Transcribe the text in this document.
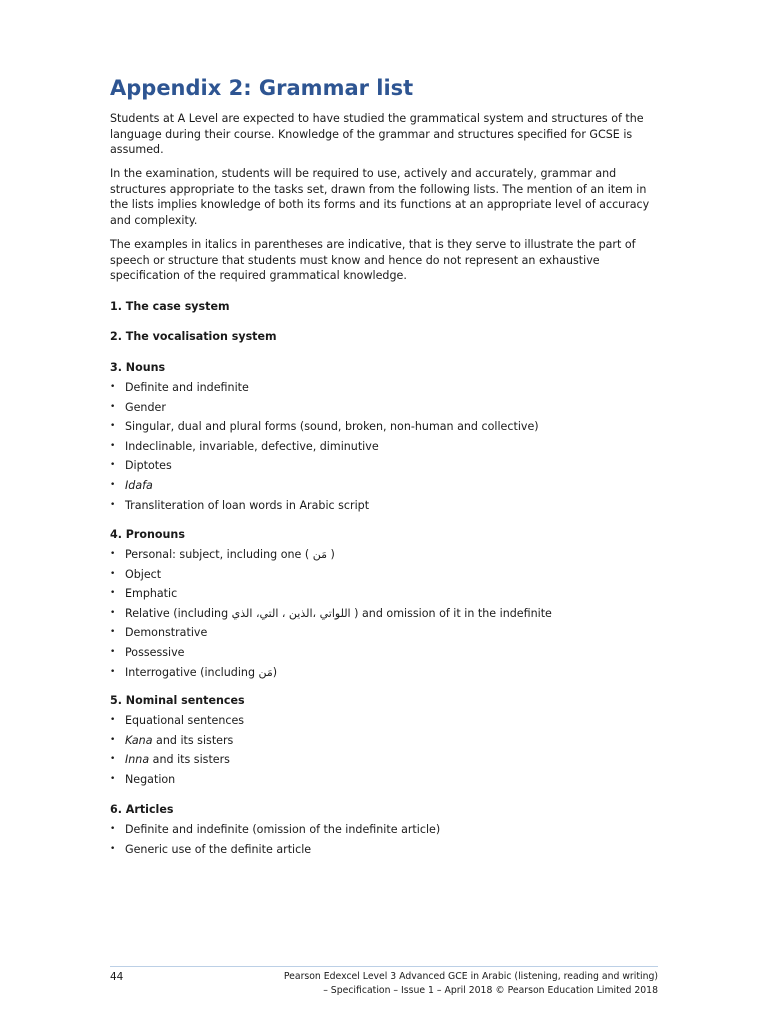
Appendix 2: Grammar list

Students at A Level are expected to have studied the grammatical system and structures of the language during their course. Knowledge of the grammar and structures specified for GCSE is assumed.

In the examination, students will be required to use, actively and accurately, grammar and structures appropriate to the tasks set, drawn from the following lists. The mention of an item in the lists implies knowledge of both its forms and its functions at an appropriate level of accuracy and complexity.

The examples in italics in parentheses are indicative, that is they serve to illustrate the part of speech or structure that students must know and hence do not represent an exhaustive specification of the required grammatical knowledge.

1. The case system

2. The vocalisation system

3. Nouns

• Definite and indefinite
• Gender
• Singular, dual and plural forms (sound, broken, non-human and collective)
• Indeclinable, invariable, defective, diminutive
• Diptotes
• Idafa
• Transliteration of loan words in Arabic script

4. Pronouns

• Personal: subject, including one ( مَن )
• Object
• Emphatic
• Relative (including اللواتي ،الذين ، التي، الذي ) and omission of it in the indefinite
• Demonstrative
• Possessive
• Interrogative (including مَن)

5. Nominal sentences

• Equational sentences
• Kana and its sisters
• Inna and its sisters
• Negation

6. Articles

• Definite and indefinite (omission of the indefinite article)
• Generic use of the definite article
44	Pearson Edexcel Level 3 Advanced GCE in Arabic (listening, reading and writing)
– Specification – Issue 1 – April 2018 © Pearson Education Limited 2018
